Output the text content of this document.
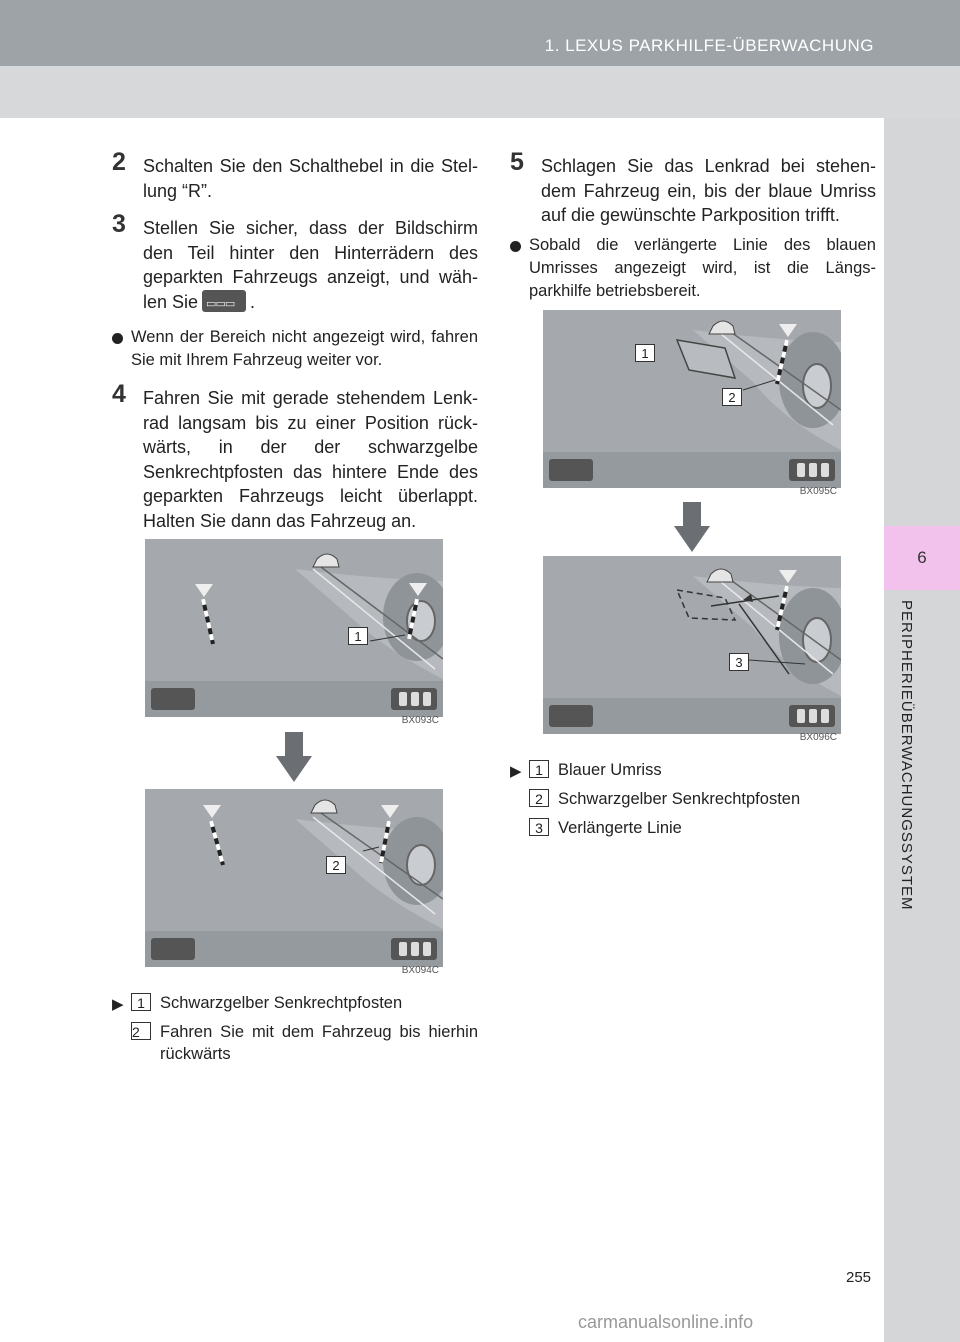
1. LEXUS PARKHILFE-ÜBERWACHUNG
6
PERIPHERIEÜBERWACHUNGSSYSTEM
2 Schalten Sie den Schalthebel in die Stel-lung “R”.
3 Stellen Sie sicher, dass der Bildschirm den Teil hinter den Hinterrädern des geparkten Fahrzeugs anzeigt, und wäh-len Sie▭▭▭	.
Wenn der Bereich nicht angezeigt wird, fahren Sie mit Ihrem Fahrzeug weiter vor.
4 Fahren Sie mit gerade stehendem Lenk-rad langsam bis zu einer Position rück-wärts, in der der schwarzgelbe Senkrechtpfosten das hintere Ende des geparkten Fahrzeugs leicht überlappt. Halten Sie dann das Fahrzeug an.
1
BX093C
2
BX094C
▶ 1 Schwarzgelber Senkrechtpfosten
2	Fahren Sie mit dem Fahrzeug bis hierhin rückwärts
5 Schlagen Sie das Lenkrad bei stehen-dem Fahrzeug ein, bis der blaue Umriss auf die gewünschte Parkposition trifft.
Sobald die verlängerte Linie des blauen Umrisses angezeigt wird, ist die Längs-parkhilfe betriebsbereit.
1
2
BX095C
3
BX096C
▶ 1 Blauer Umriss
2 Schwarzgelber Senkrechtpfosten
3 Verlängerte Linie
255
carmanualsonline.info
